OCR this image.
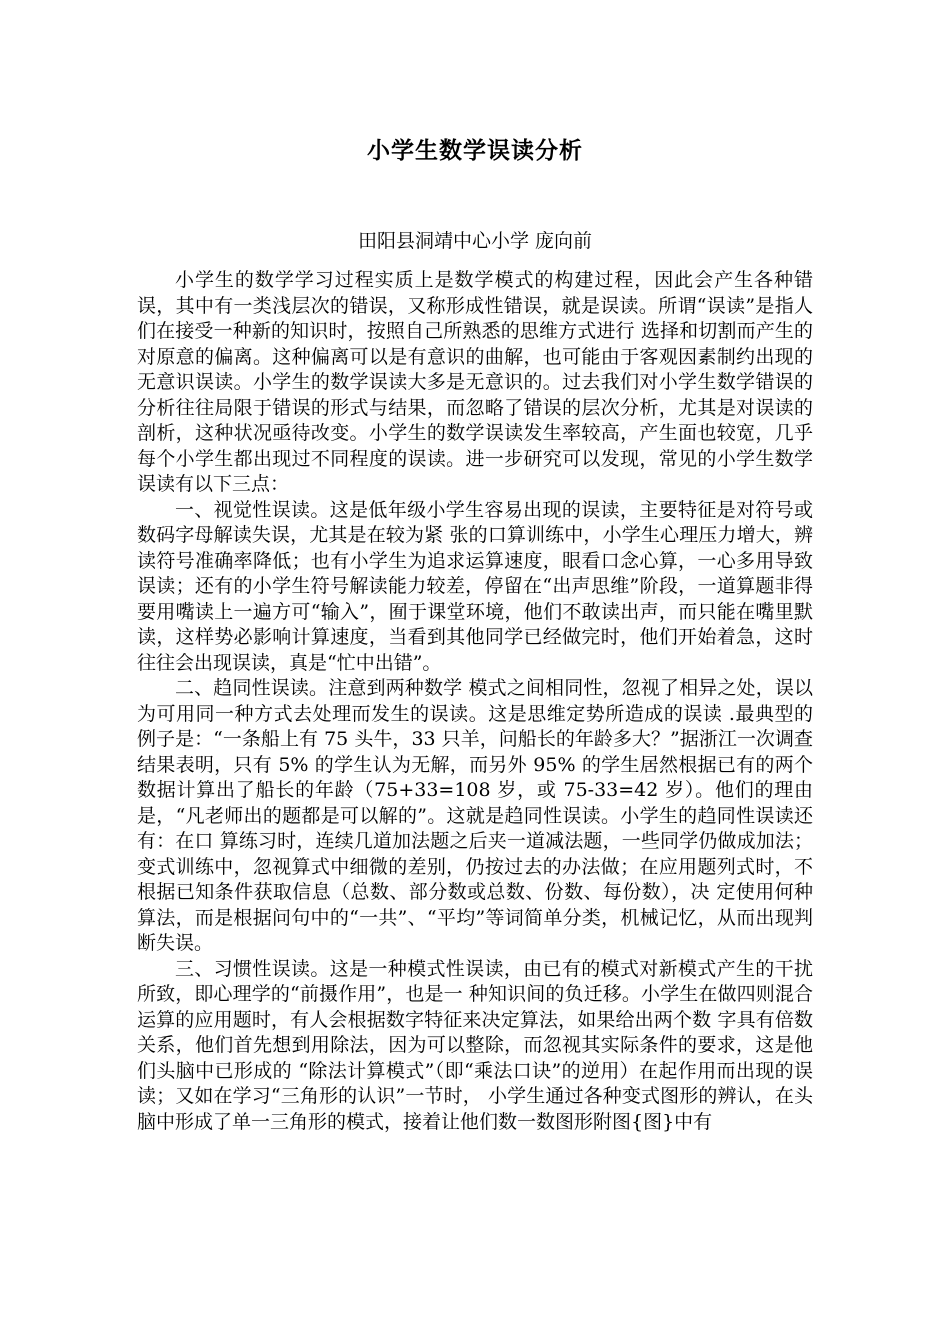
小学生数学误读分析
田阳县洞靖中心小学 庞向前

小学生的数学学习过程实质上是数学模式的构建过程，因此会产生各种错误，其中有一类浅层次的错误，又称形成性错误，就是误读。所谓“误读”是指人们在接受一种新的知识时，按照自己所熟悉的思维方式进行 选择和切割而产生的对原意的偏离。这种偏离可以是有意识的曲解，也可能由于客观因素制约出现的无意识误读。小学生的数学误读大多是无意识的。过去我们对小学生数学错误的分析往往局限于错误的形式与结果，而忽略了错误的层次分析，尤其是对误读的剖析，这种状况亟待改变。小学生的数学误读发生率较高，产生面也较宽，几乎每个小学生都出现过不同程度的误读。进一步研究可以发现，常见的小学生数学误读有以下三点：

一、视觉性误读。这是低年级小学生容易出现的误读，主要特征是对符号或数码字母解读失误，尤其是在较为紧 张的口算训练中，小学生心理压力增大，辨读符号准确率降低；也有小学生为追求运算速度，眼看口念心算，一心多用导致误读；还有的小学生符号解读能力较差，停留在“出声思维”阶段，一道算题非得要用嘴读上一遍方可“输入”，囿于课堂环境，他们不敢读出声，而只能在嘴里默读，这样势必影响计算速度，当看到其他同学已经做完时，他们开始着急，这时往往会出现误读，真是“忙中出错”。

二、趋同性误读。注意到两种数学 模式之间相同性，忽视了相异之处，误以为可用同一种方式去处理而发生的误读。这是思维定势所造成的误读 .最典型的例子是：“一条船上有 75 头牛，33 只羊，问船长的年龄多大？”据浙江一次调查结果表明，只有 5% 的学生认为无解，而另外 95% 的学生居然根据已有的两个数据计算出了船长的年龄（75+33=108 岁，或 75-33=42 岁）。他们的理由是，“凡老师出的题都是可以解的”。这就是趋同性误读。小学生的趋同性误读还有：在口 算练习时，连续几道加法题之后夹一道减法题，一些同学仍做成加法；变式训练中，忽视算式中细微的差别，仍按过去的办法做；在应用题列式时，不根据已知条件获取信息（总数、部分数或总数、份数、每份数），决 定使用何种算法，而是根据问句中的“一共”、“平均”等词简单分类，机械记忆，从而出现判断失误。

三、习惯性误读。这是一种模式性误读，由已有的模式对新模式产生的干扰所致，即心理学的“前摄作用”，也是一 种知识间的负迁移。小学生在做四则混合运算的应用题时，有人会根据数字特征来决定算法，如果给出两个数 字具有倍数关系，他们首先想到用除法，因为可以整除，而忽视其实际条件的要求，这是他们头脑中已形成的 “除法计算模式”（即“乘法口诀”的逆用）在起作用而出现的误读；又如在学习“三角形的认识”一节时， 小学生通过各种变式图形的辨认，在头脑中形成了单一三角形的模式，接着让他们数一数图形附图{图}中有
